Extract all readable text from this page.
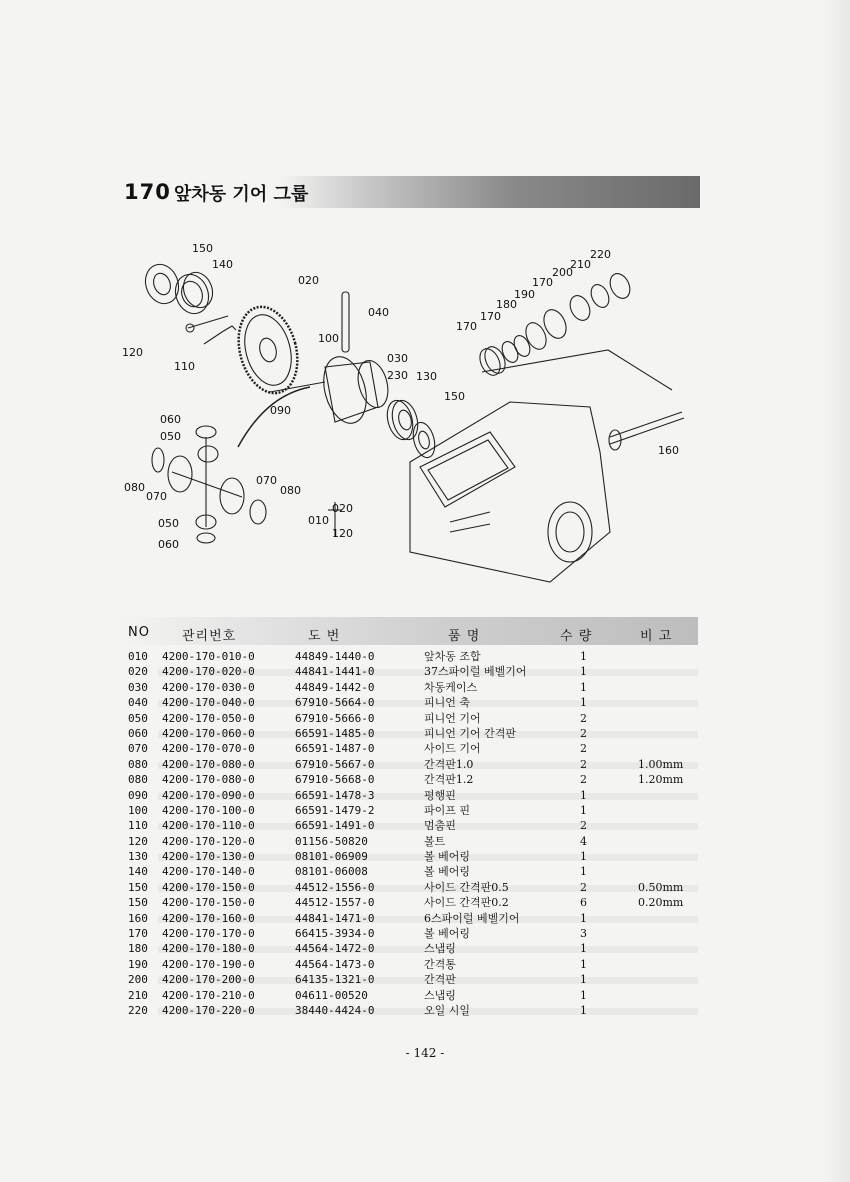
170 앞차동 기어 그룹
150
140
020
040
100
030
230 130
150
120
110
090
060
050
080
070
070
080
050
060
010
020
120
170
170
180
190
170
200
210
220
160
NO 관리번호	도 번	품 명	수 량	비 고
010 4200-170-010-0	44849-1440-0	앞차동 조합	1
020 4200-170-020-0	44841-1441-0	37스파이럴 베벨기어	1
030 4200-170-030-0	44849-1442-0	차동케이스	1
040 4200-170-040-0	67910-5664-0	피니언 축	1
050 4200-170-050-0	67910-5666-0	피니언 기어	2
060 4200-170-060-0	66591-1485-0	피니언 기어 간격판	2
070 4200-170-070-0	66591-1487-0	사이드 기어	2
080 4200-170-080-0	67910-5667-0	간격판1.0	2	1.00mm
080 4200-170-080-0	67910-5668-0	간격판1.2	2	1.20mm
090 4200-170-090-0	66591-1478-3	평행핀	1
100 4200-170-100-0	66591-1479-2	파이프 핀	1
110 4200-170-110-0	66591-1491-0	멈춤핀	2
120 4200-170-120-0	01156-50820	볼트	4
130 4200-170-130-0	08101-06909	볼 베어링	1
140 4200-170-140-0	08101-06008	볼 베어링	1
150 4200-170-150-0	44512-1556-0	사이드 간격판0.5	2	0.50mm
150 4200-170-150-0	44512-1557-0	사이드 간격판0.2	6	0.20mm
160 4200-170-160-0	44841-1471-0	6스파이럴 베벨기어	1
170 4200-170-170-0	66415-3934-0	볼 베어링	3
180 4200-170-180-0	44564-1472-0	스냅링	1
190 4200-170-190-0	44564-1473-0	간격통	1
200 4200-170-200-0	64135-1321-0	간격판	1
210 4200-170-210-0	04611-00520	스냅링	1
220 4200-170-220-0	38440-4424-0	오일 시일	1
- 142 -
